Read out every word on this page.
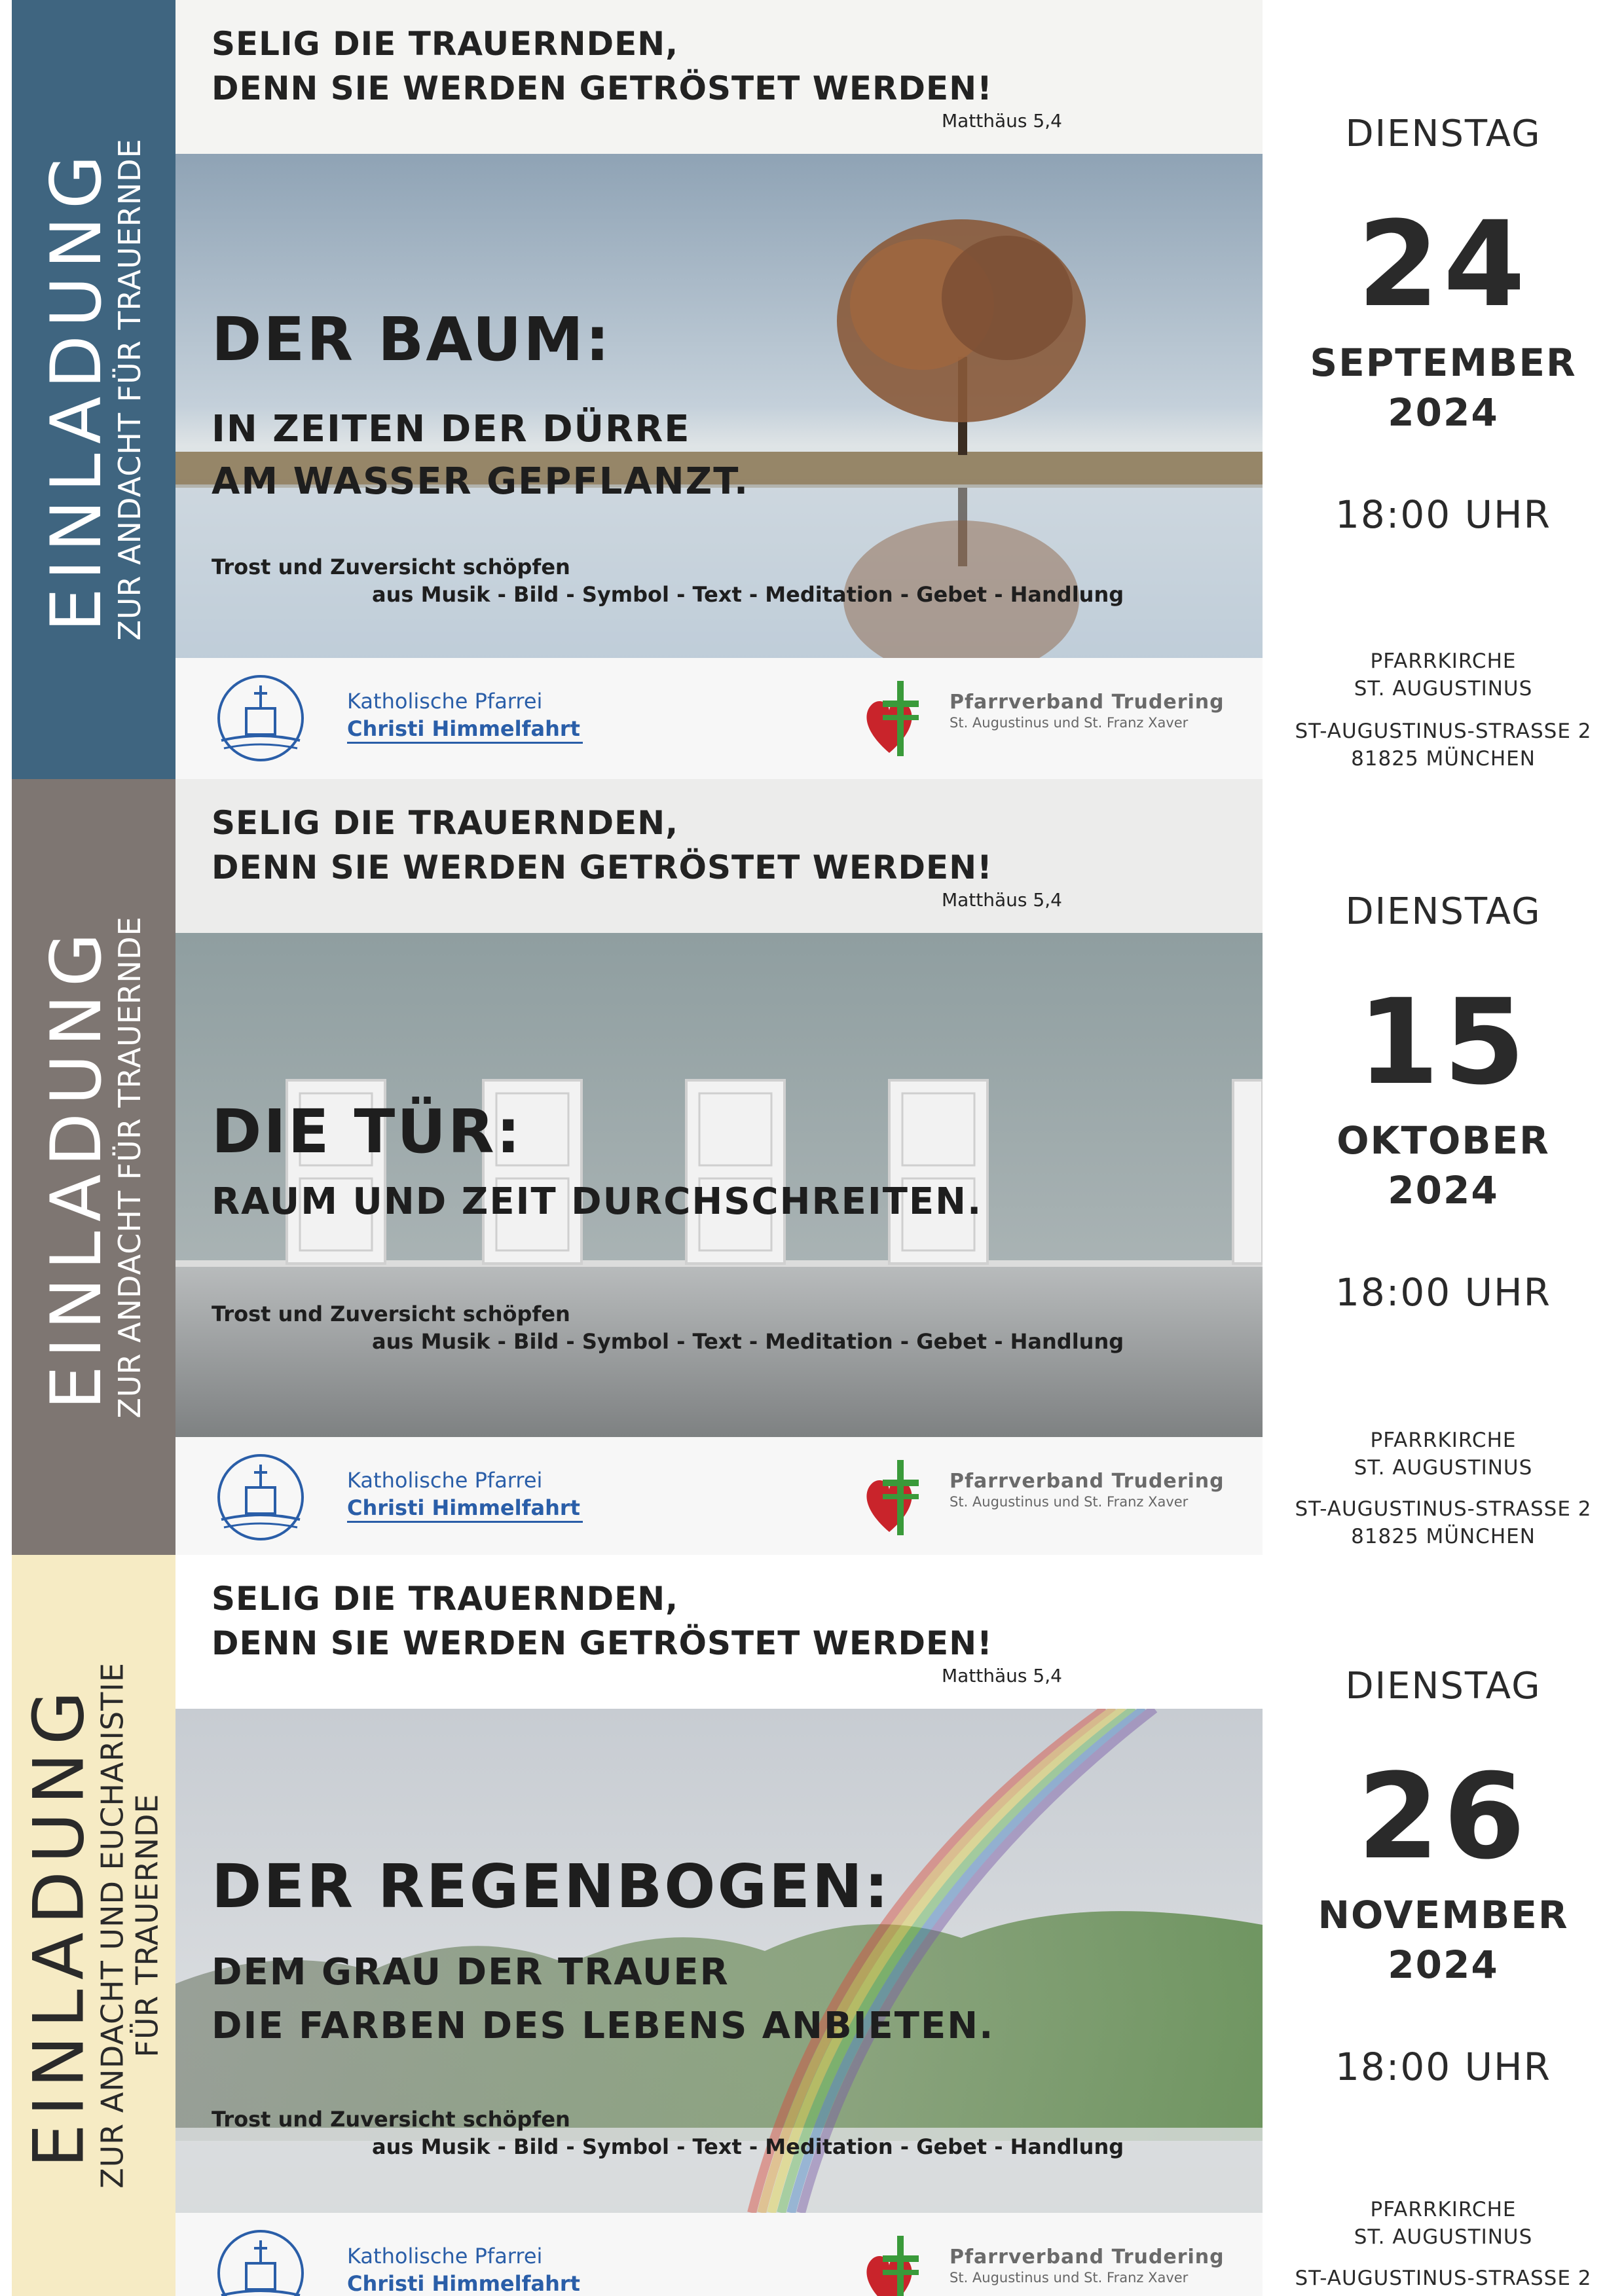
EINLADUNG
ZUR ANDACHT FÜR TRAUERNDE
SELIG DIE TRAUERNDEN,
DENN SIE WERDEN GETRÖSTET WERDEN!
Matthäus 5,4
DER BAUM:
IN ZEITEN DER DÜRRE
AM WASSER GEPFLANZT.
Trost und Zuversicht schöpfen
aus Musik - Bild - Symbol - Text - Meditation - Gebet - Handlung
Katholische Pfarrei
Christi Himmelfahrt
Pfarrverband Trudering
St. Augustinus und St. Franz Xaver
DIENSTAG
24
SEPTEMBER
2024
18:00 UHR
PFARRKIRCHE
ST. AUGUSTINUS
ST-AUGUSTINUS-STRASSE 2
81825 MÜNCHEN
EINLADUNG
ZUR ANDACHT FÜR TRAUERNDE
SELIG DIE TRAUERNDEN,
DENN SIE WERDEN GETRÖSTET WERDEN!
Matthäus 5,4
DIE TÜR:
RAUM UND ZEIT DURCHSCHREITEN.
Trost und Zuversicht schöpfen
aus Musik - Bild - Symbol - Text - Meditation - Gebet - Handlung
Katholische Pfarrei
Christi Himmelfahrt
Pfarrverband Trudering
St. Augustinus und St. Franz Xaver
DIENSTAG
15
OKTOBER
2024
18:00 UHR
PFARRKIRCHE
ST. AUGUSTINUS
ST-AUGUSTINUS-STRASSE 2
81825 MÜNCHEN
EINLADUNG
ZUR ANDACHT UND EUCHARISTIE
FÜR TRAUERNDE
SELIG DIE TRAUERNDEN,
DENN SIE WERDEN GETRÖSTET WERDEN!
Matthäus 5,4
DER REGENBOGEN:
DEM GRAU DER TRAUER
DIE FARBEN DES LEBENS ANBIETEN.
Trost und Zuversicht schöpfen
aus Musik - Bild - Symbol - Text - Meditation - Gebet - Handlung
Katholische Pfarrei
Christi Himmelfahrt
Pfarrverband Trudering
St. Augustinus und St. Franz Xaver
DIENSTAG
26
NOVEMBER
2024
18:00 UHR
PFARRKIRCHE
ST. AUGUSTINUS
ST-AUGUSTINUS-STRASSE 2
